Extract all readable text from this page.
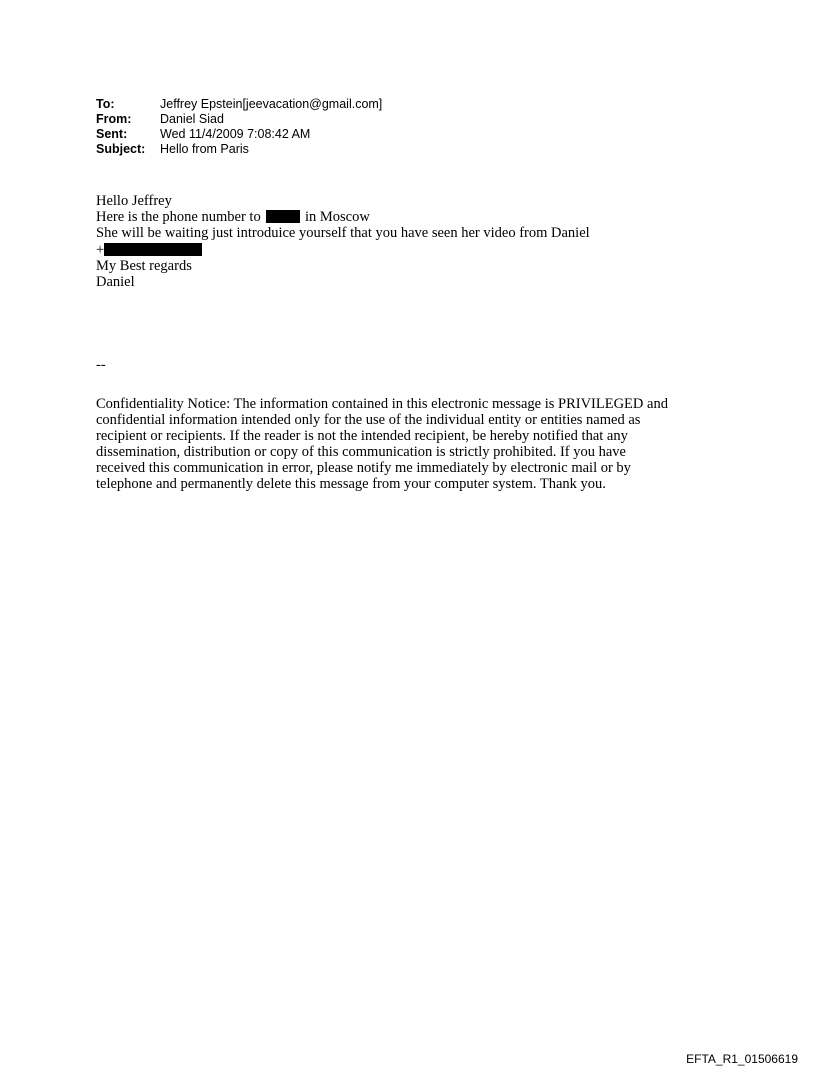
To:	Jeffrey Epstein[jeevacation@gmail.com]
From:	Daniel Siad
Sent:	Wed 11/4/2009 7:08:42 AM
Subject:	Hello from Paris
Hello Jeffrey
Here is the phone number to	in Moscow
She will be waiting just introduice yourself that you have seen her video from Daniel
+
My Best regards
Daniel
--
Confidentiality Notice: The information contained in this electronic message is PRIVILEGED and
confidential information intended only for the use of the individual entity or entities named as
recipient or recipients. If the reader is not the intended recipient, be hereby notified that any
dissemination, distribution or copy of this communication is strictly prohibited. If you have
received this communication in error, please notify me immediately by electronic mail or by
telephone and permanently delete this message from your computer system. Thank you.
EFTA_R1_01506619
